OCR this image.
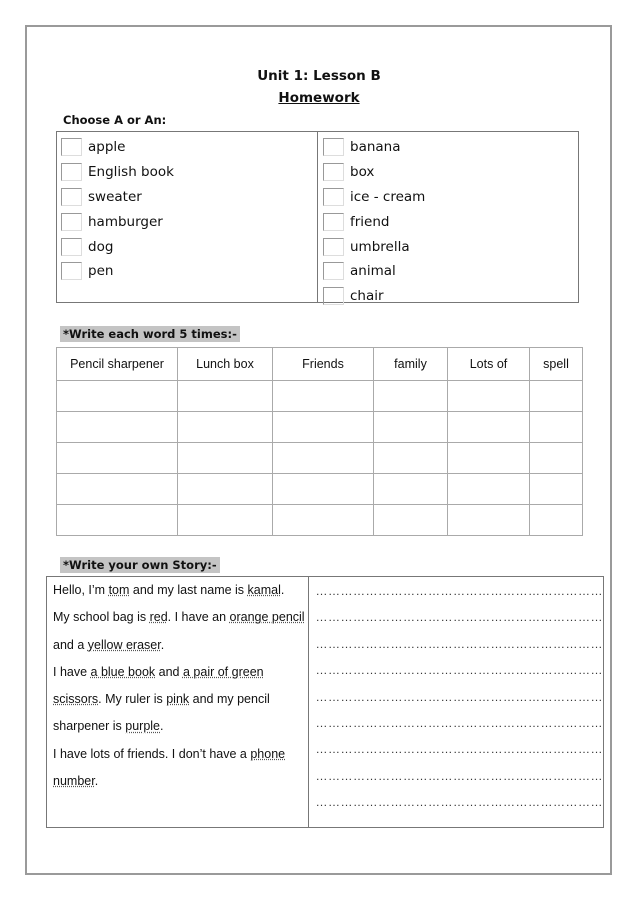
Unit 1: Lesson B
Homework
Choose A or An:
apple
English book
sweater
hamburger
dog
pen
banana
box
ice - cream
friend
umbrella
animal
chair
*Write each word 5 times:-
Pencil sharpener	Lunch box	Friends	family	Lots of	spell

*Write your own Story:-
Hello, I’m tom and my last name is kamal.
My school bag is red. I have an orange pencil
and a yellow eraser.
I have a blue book and a pair of green
scissors. My ruler is pink and my pencil
sharpener is purple.
I have lots of friends. I don’t have a phone
number.
……………………………………………………………
……………………………………………………………
……………………………………………………………
……………………………………………………………
……………………………………………………………
……………………………………………………………
……………………………………………………………
……………………………………………………………
……………………………………………………………
